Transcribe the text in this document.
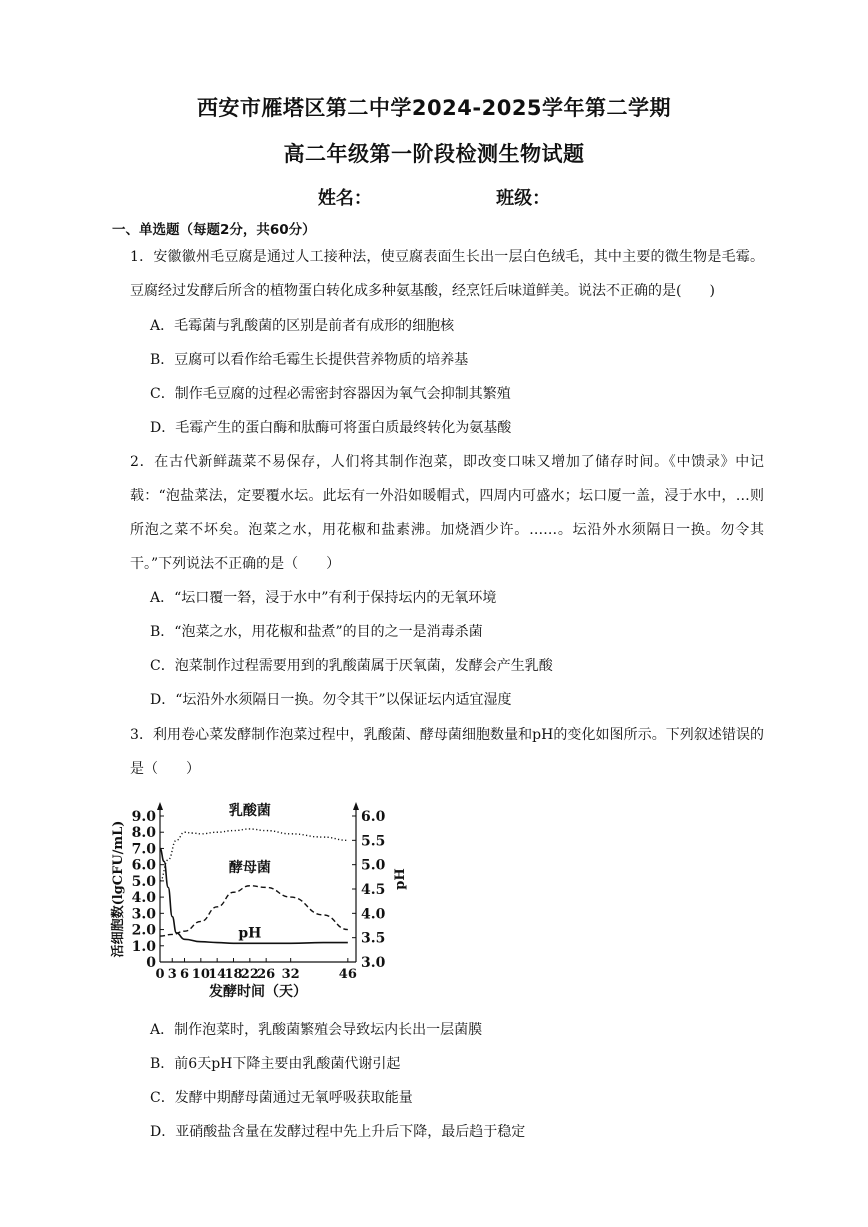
西安市雁塔区第二中学2024-2025学年第二学期
高二年级第一阶段检测生物试题
姓名：	班级：
一、单选题（每题2分，共60分）
1．安徽徽州毛豆腐是通过人工接种法，使豆腐表面生长出一层白色绒毛，其中主要的微生物是毛霉。豆腐经过发酵后所含的植物蛋白转化成多种氨基酸，经烹饪后味道鲜美。说法不正确的是(　　)
A．毛霉菌与乳酸菌的区别是前者有成形的细胞核
B．豆腐可以看作给毛霉生长提供营养物质的培养基
C．制作毛豆腐的过程必需密封容器因为氧气会抑制其繁殖
D．毛霉产生的蛋白酶和肽酶可将蛋白质最终转化为氨基酸
2．在古代新鲜蔬菜不易保存，人们将其制作泡菜，即改变口味又增加了储存时间。《中馈录》中记载：“泡盐菜法，定要覆水坛。此坛有一外沿如暖帽式，四周内可盛水；坛口厦一盖，浸于水中，…则所泡之菜不坏矣。泡菜之水，用花椒和盐素沸。加烧酒少许。……。坛沿外水须隔日一换。勿令其干。”下列说法不正确的是（　　）
A．“坛口覆一砮，浸于水中”有利于保持坛内的无氧环境
B．“泡菜之水，用花椒和盐煮”的目的之一是消毒杀菌
C．泡菜制作过程需要用到的乳酸菌属于厌氧菌，发酵会产生乳酸
D．“坛沿外水须隔日一换。勿令其干”以保证坛内适宜湿度
3．利用卷心菜发酵制作泡菜过程中，乳酸菌、酵母菌细胞数量和pH的变化如图所示。下列叙述错误的是（　　）
0
1.0
2.0
3.0
4.0
5.0
6.0
7.0
8.0
9.0
3.0
3.5
4.0
4.5
5.0
5.5
6.0
3 6 10
14
18
22
26 32	46
0
发酵时间（天）
活细胞数(lgCFU/mL)	pH
乳酸菌
酵母菌
pH
A．制作泡菜时，乳酸菌繁殖会导致坛内长出一层菌膜
B．前6天pH下降主要由乳酸菌代谢引起
C．发酵中期酵母菌通过无氧呼吸获取能量
D．亚硝酸盐含量在发酵过程中先上升后下降，最后趋于稳定
